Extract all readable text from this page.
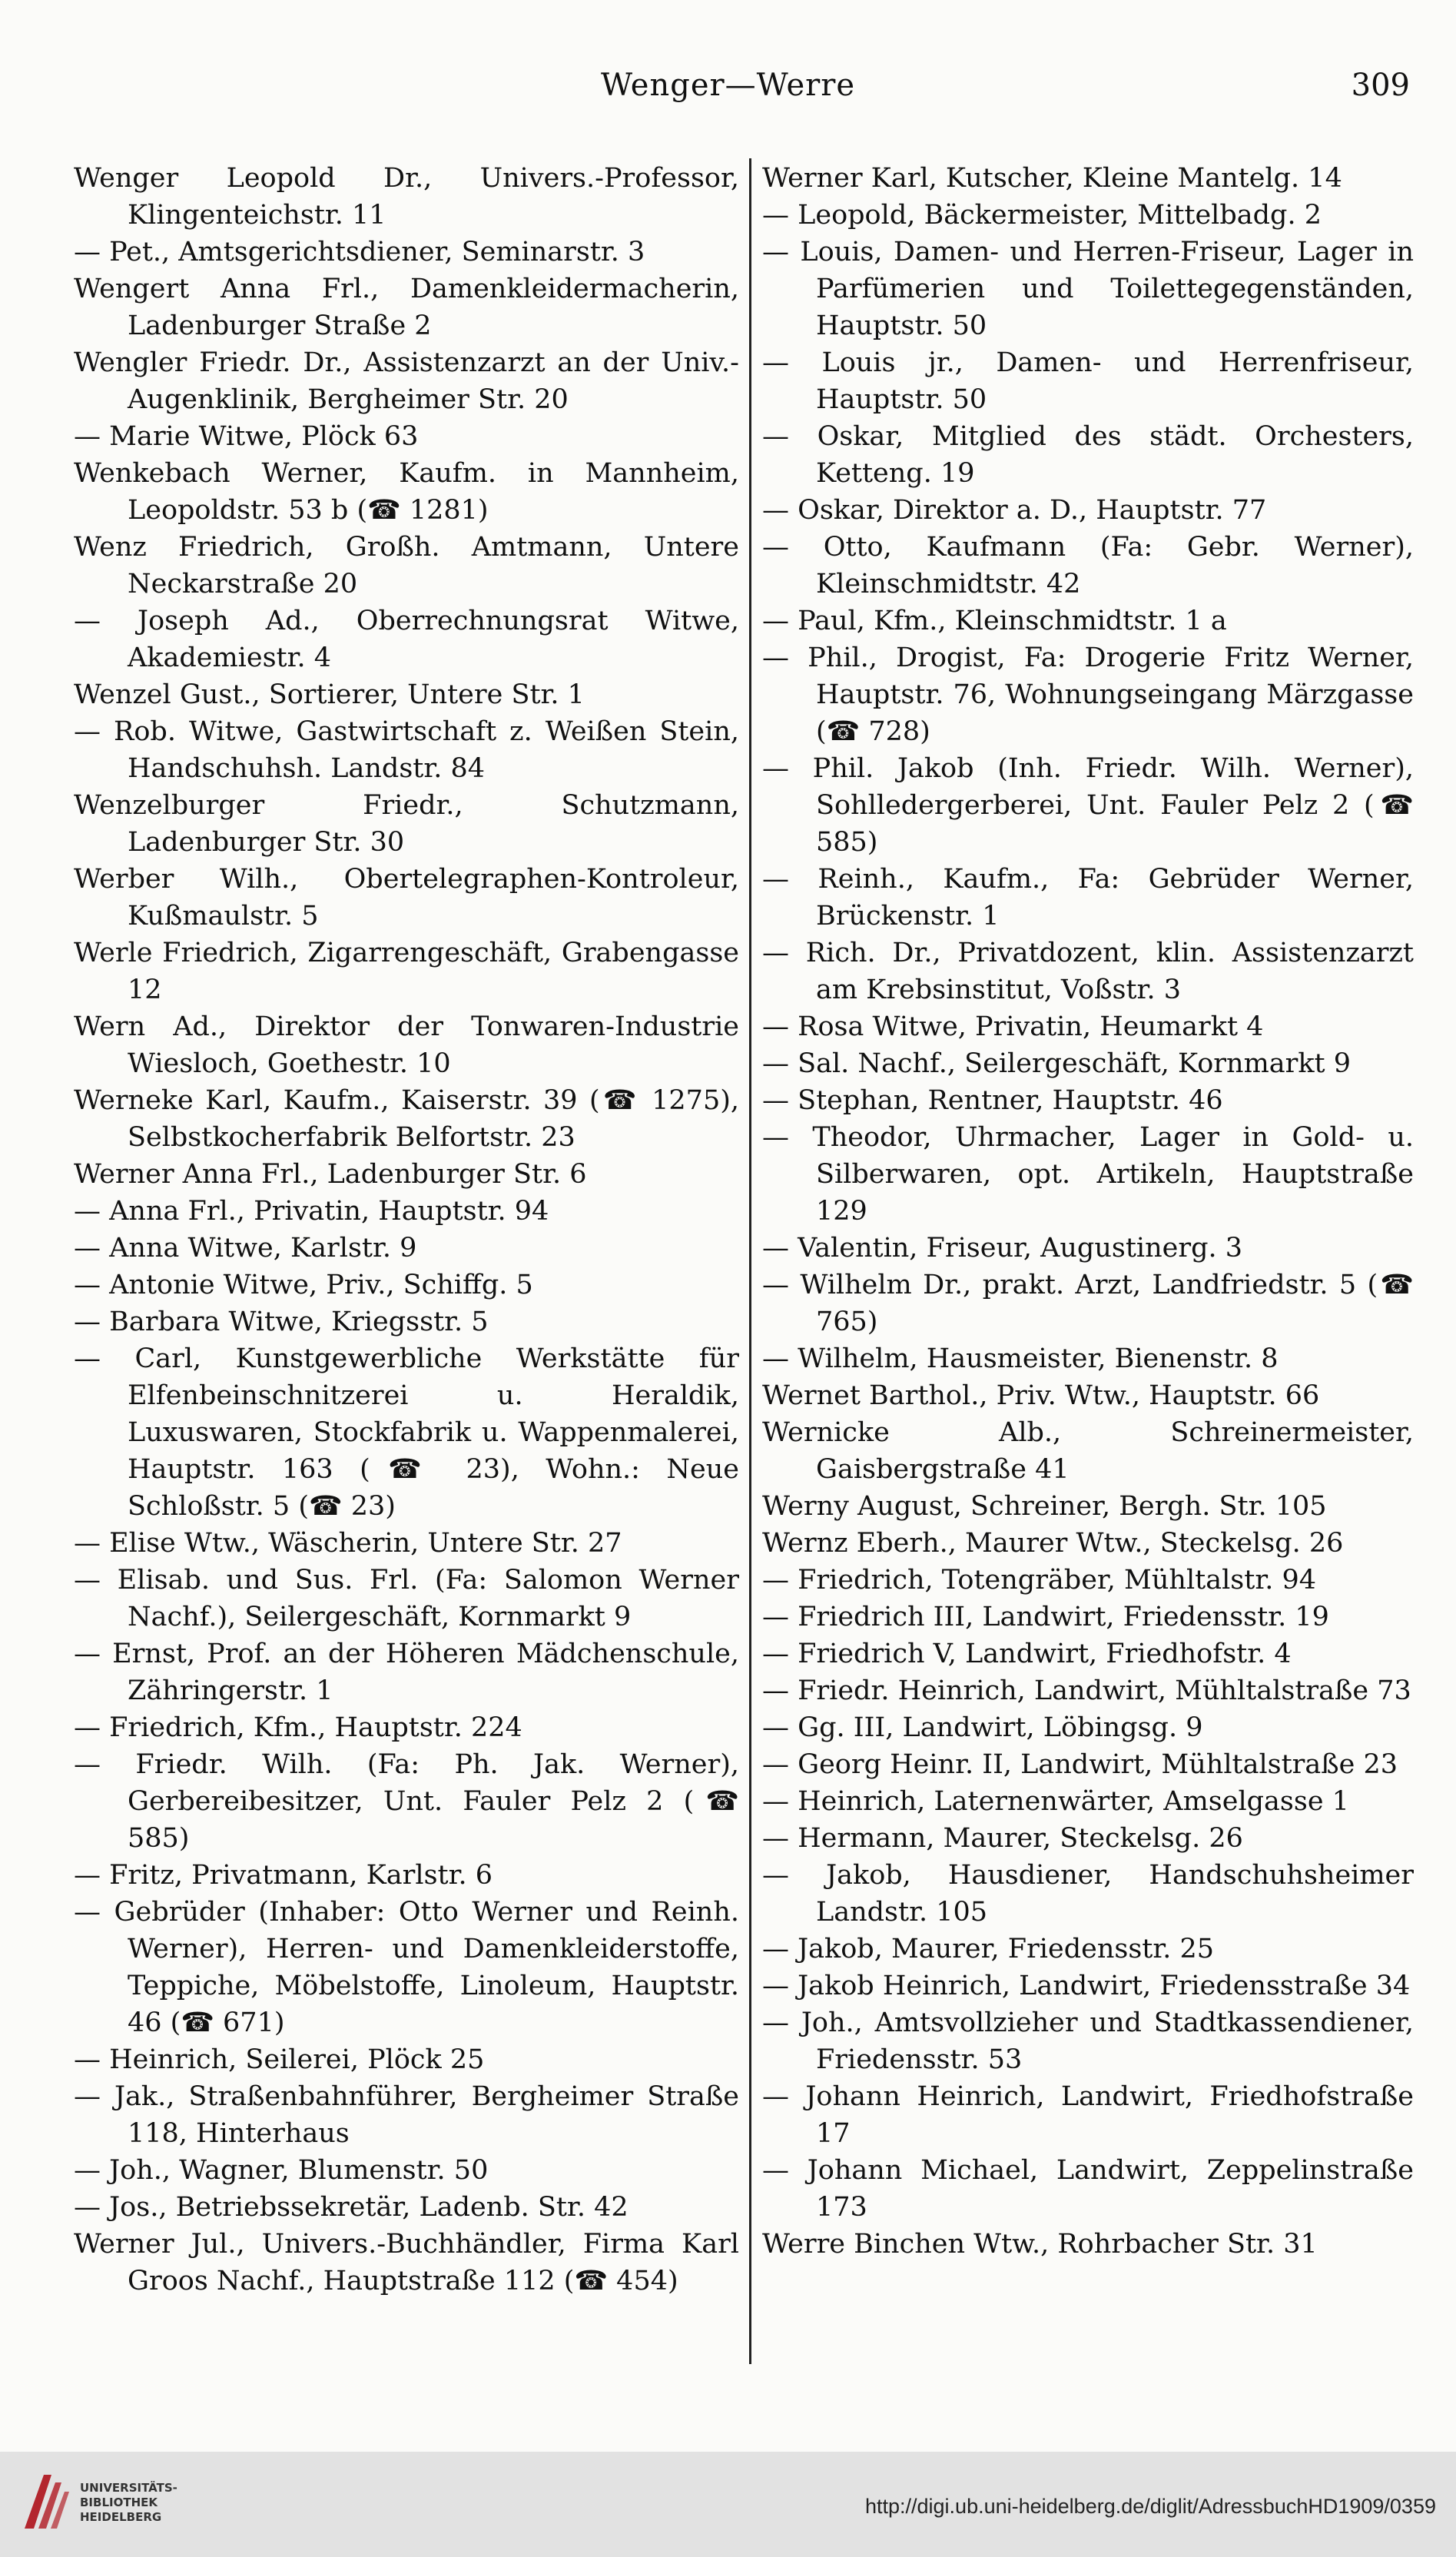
Wenger—Werre	309

Wenger Leopold Dr., Univers.-Professor, Klingenteichstr. 11

— Pet., Amtsgerichtsdiener, Seminarstr. 3

Wengert Anna Frl., Damenkleidermacherin, Ladenburger Straße 2

Wengler Friedr. Dr., Assistenzarzt an der Univ.-Augenklinik, Bergheimer Str. 20

— Marie Witwe, Plöck 63

Wenkebach Werner, Kaufm. in Mannheim, Leopoldstr. 53 b (☎ 1281)

Wenz Friedrich, Großh. Amtmann, Untere Neckarstraße 20

— Joseph Ad., Oberrechnungsrat Witwe, Akademiestr. 4

Wenzel Gust., Sortierer, Untere Str. 1

— Rob. Witwe, Gastwirtschaft z. Weißen Stein, Handschuhsh. Landstr. 84

Wenzelburger Friedr., Schutzmann, Ladenburger Str. 30

Werber Wilh., Obertelegraphen-Kontroleur, Kußmaulstr. 5

Werle Friedrich, Zigarrengeschäft, Grabengasse 12

Wern Ad., Direktor der Tonwaren-Industrie Wiesloch, Goethestr. 10

Werneke Karl, Kaufm., Kaiserstr. 39 (☎ 1275), Selbstkocherfabrik Belfortstr. 23

Werner Anna Frl., Ladenburger Str. 6

— Anna Frl., Privatin, Hauptstr. 94

— Anna Witwe, Karlstr. 9

— Antonie Witwe, Priv., Schiffg. 5

— Barbara Witwe, Kriegsstr. 5

— Carl, Kunstgewerbliche Werkstätte für Elfenbeinschnitzerei u. Heraldik, Luxuswaren, Stockfabrik u. Wappenmalerei, Hauptstr. 163 (☎ 23), Wohn.: Neue Schloßstr. 5 (☎ 23)

— Elise Wtw., Wäscherin, Untere Str. 27

— Elisab. und Sus. Frl. (Fa: Salomon Werner Nachf.), Seilergeschäft, Kornmarkt 9

— Ernst, Prof. an der Höheren Mädchenschule, Zähringerstr. 1

— Friedrich, Kfm., Hauptstr. 224

— Friedr. Wilh. (Fa: Ph. Jak. Werner), Gerbereibesitzer, Unt. Fauler Pelz 2 (☎ 585)

— Fritz, Privatmann, Karlstr. 6

— Gebrüder (Inhaber: Otto Werner und Reinh. Werner), Herren- und Damenkleiderstoffe, Teppiche, Möbelstoffe, Linoleum, Hauptstr. 46 (☎ 671)

— Heinrich, Seilerei, Plöck 25

— Jak., Straßenbahnführer, Bergheimer Straße 118, Hinterhaus

— Joh., Wagner, Blumenstr. 50

— Jos., Betriebssekretär, Ladenb. Str. 42

Werner Jul., Univers.-Buchhändler, Firma Karl Groos Nachf., Hauptstraße 112 (☎ 454)

Werner Karl, Kutscher, Kleine Mantelg. 14

— Leopold, Bäckermeister, Mittelbadg. 2

— Louis, Damen- und Herren-Friseur, Lager in Parfümerien und Toilettegegenständen, Hauptstr. 50

— Louis jr., Damen- und Herrenfriseur, Hauptstr. 50

— Oskar, Mitglied des städt. Orchesters, Ketteng. 19

— Oskar, Direktor a. D., Hauptstr. 77

— Otto, Kaufmann (Fa: Gebr. Werner), Kleinschmidtstr. 42

— Paul, Kfm., Kleinschmidtstr. 1 a

— Phil., Drogist, Fa: Drogerie Fritz Werner, Hauptstr. 76, Wohnungseingang Märzgasse (☎ 728)

— Phil. Jakob (Inh. Friedr. Wilh. Werner), Sohlledergerberei, Unt. Fauler Pelz 2 (☎ 585)

— Reinh., Kaufm., Fa: Gebrüder Werner, Brückenstr. 1

— Rich. Dr., Privatdozent, klin. Assistenzarzt am Krebsinstitut, Voßstr. 3

— Rosa Witwe, Privatin, Heumarkt 4

— Sal. Nachf., Seilergeschäft, Kornmarkt 9

— Stephan, Rentner, Hauptstr. 46

— Theodor, Uhrmacher, Lager in Gold- u. Silberwaren, opt. Artikeln, Hauptstraße 129

— Valentin, Friseur, Augustinerg. 3

— Wilhelm Dr., prakt. Arzt, Landfriedstr. 5 (☎ 765)

— Wilhelm, Hausmeister, Bienenstr. 8

Wernet Barthol., Priv. Wtw., Hauptstr. 66

Wernicke Alb., Schreinermeister, Gaisbergstraße 41

Werny August, Schreiner, Bergh. Str. 105

Wernz Eberh., Maurer Wtw., Steckelsg. 26

— Friedrich, Totengräber, Mühltalstr. 94

— Friedrich III, Landwirt, Friedensstr. 19

— Friedrich V, Landwirt, Friedhofstr. 4

— Friedr. Heinrich, Landwirt, Mühltalstraße 73

— Gg. III, Landwirt, Löbingsg. 9

— Georg Heinr. II, Landwirt, Mühltalstraße 23

— Heinrich, Laternenwärter, Amselgasse 1

— Hermann, Maurer, Steckelsg. 26

— Jakob, Hausdiener, Handschuhsheimer Landstr. 105

— Jakob, Maurer, Friedensstr. 25

— Jakob Heinrich, Landwirt, Friedensstraße 34

— Joh., Amtsvollzieher und Stadtkassendiener, Friedensstr. 53

— Johann Heinrich, Landwirt, Friedhofstraße 17

— Johann Michael, Landwirt, Zeppelinstraße 173

Werre Binchen Wtw., Rohrbacher Str. 31

UNIVERSITÄTS-
BIBLIOTHEK
HEIDELBERG	http://digi.ub.uni-heidelberg.de/diglit/AdressbuchHD1909/0359
